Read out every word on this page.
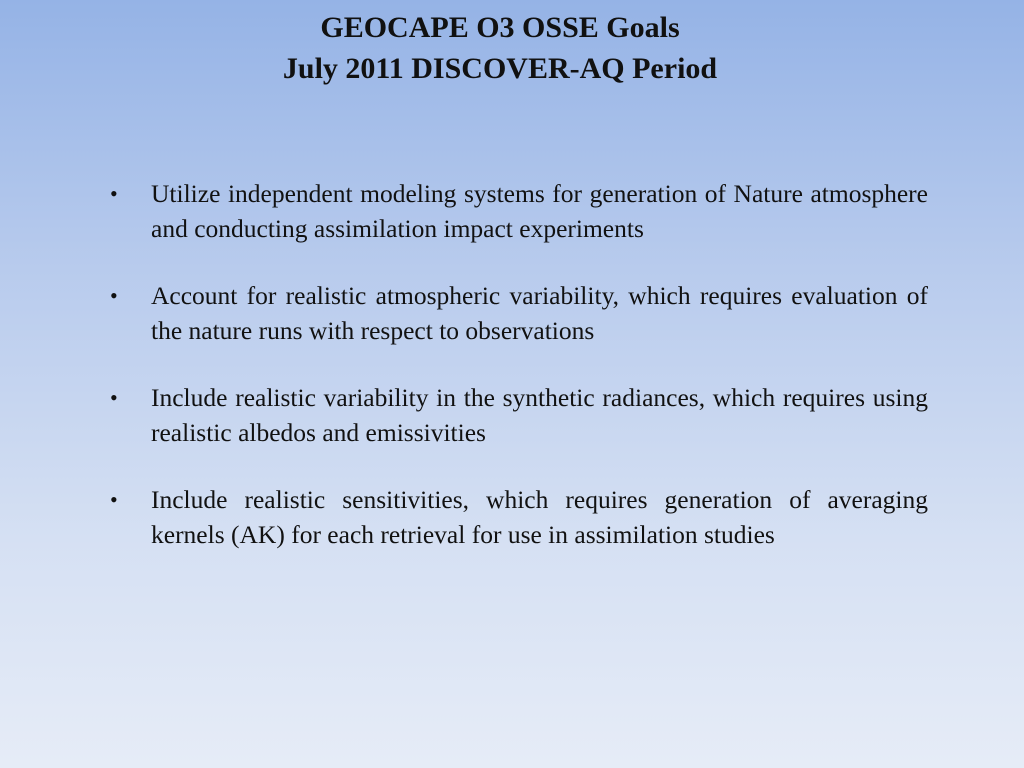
GEOCAPE O3 OSSE Goals
July 2011 DISCOVER-AQ Period
• Utilize independent modeling systems for generation of Nature atmosphere and conducting assimilation impact experiments
• Account for realistic atmospheric variability, which requires evaluation of the nature runs with respect to observations
• Include realistic variability in the synthetic radiances, which requires using realistic albedos and emissivities
• Include realistic sensitivities, which requires generation of averaging kernels (AK) for each retrieval for use in assimilation studies
